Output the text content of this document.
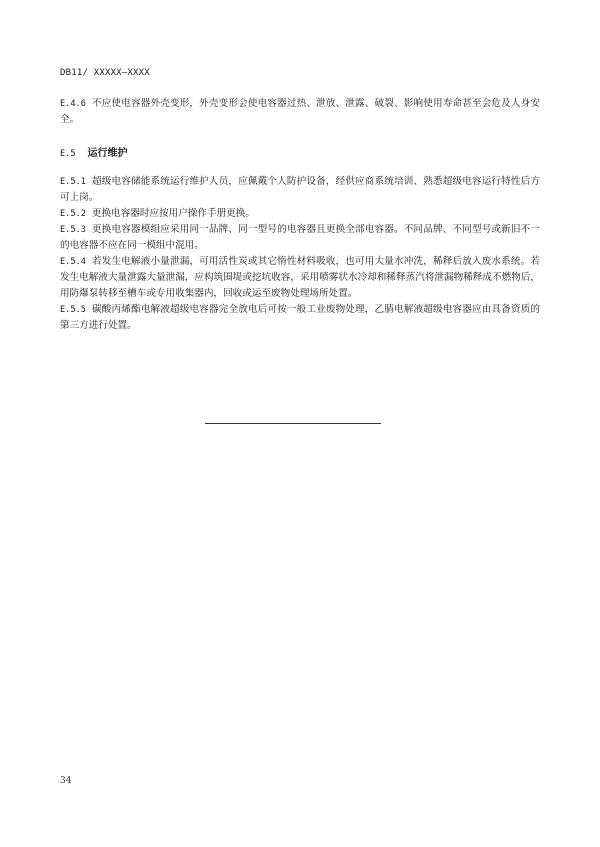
DB11/ XXXXX—XXXX

E.4.6 不应使电容器外壳变形，外壳变形会使电容器过热、泄放、泄露、破裂、影响使用寿命甚至会危及人身安全。

E.5 运行维护

E.5.1 超级电容储能系统运行维护人员，应佩戴个人防护设备，经供应商系统培训、熟悉超级电容运行特性后方可上岗。

E.5.2 更换电容器时应按用户操作手册更换。

E.5.3 更换电容器模组应采用同一品牌、同一型号的电容器且更换全部电容器。不同品牌、不同型号或新旧不一的电容器不应在同一模组中混用。

E.5.4 若发生电解液小量泄漏，可用活性炭或其它惰性材料吸收，也可用大量水冲洗，稀释后放入废水系统。若发生电解液大量泄露大量泄漏，应构筑围堤或挖坑收容，采用喷雾状水冷却和稀释蒸汽将泄漏物稀释成不燃物后，用防爆泵转移至槽车或专用收集器内，回收或运至废物处理场所处置。

E.5.5 碳酸丙烯酯电解液超级电容器完全放电后可按一般工业废物处理，乙腈电解液超级电容器应由具备资质的第三方进行处置。

34
